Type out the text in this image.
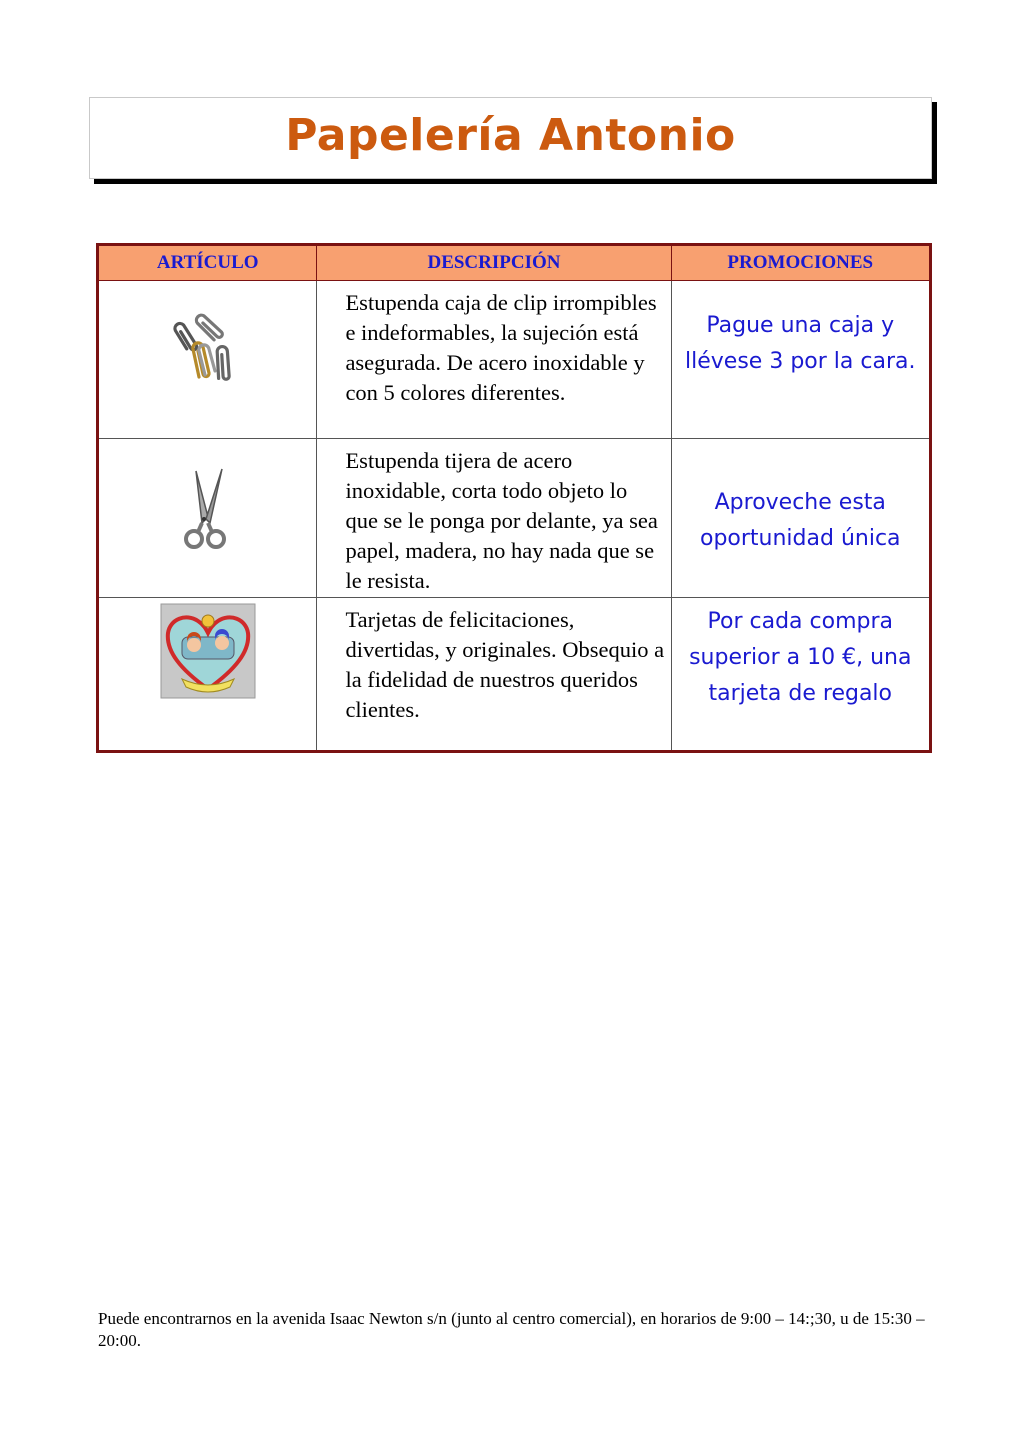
Papelería Antonio
ARTÍCULO	DESCRIPCIÓN	PROMOCIONES

Estupenda caja de clip irrompibles e indeformables, la sujeción está asegurada. De acero inoxidable y con 5 colores diferentes.	Pague una caja y llévese 3 por la cara.

Estupenda tijera de acero inoxidable, corta todo objeto lo que se le ponga por delante, ya sea papel, madera, no hay nada que se le resista.	Aproveche esta oportunidad única

Tarjetas de felicitaciones, divertidas, y originales. Obsequio a la fidelidad de nuestros queridos clientes.	Por cada compra superior a 10 €, una tarjeta de regalo
Puede encontrarnos en la avenida Isaac Newton s/n (junto al centro comercial), en horarios de 9:00 – 14:;30, u de 15:30 – 20:00.
